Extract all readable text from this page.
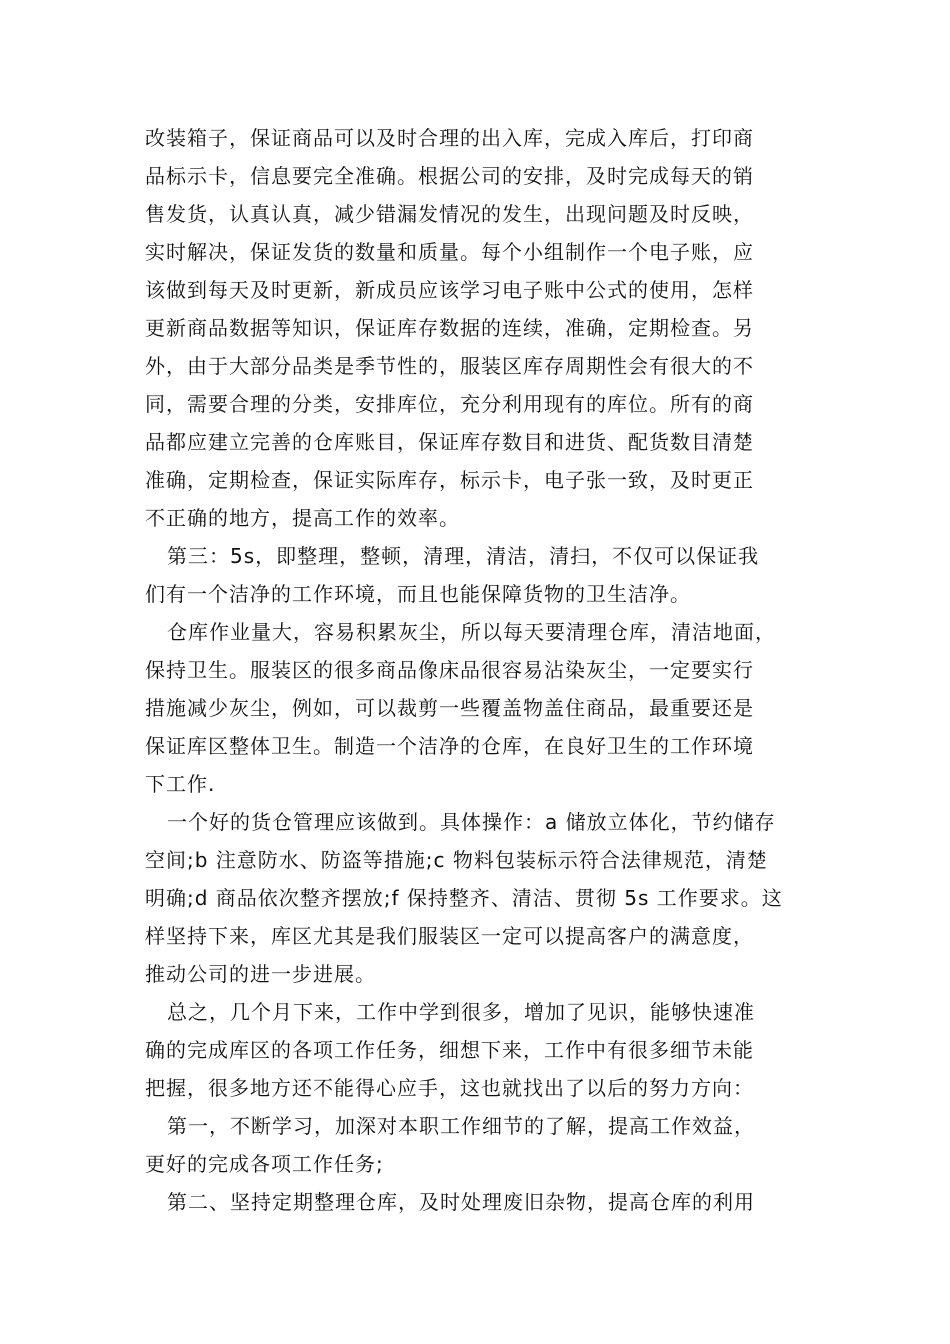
改装箱子，保证商品可以及时合理的出入库，完成入库后，打印商
品标示卡，信息要完全准确。根据公司的安排，及时完成每天的销
售发货，认真认真，减少错漏发情况的发生，出现问题及时反映，
实时解决，保证发货的数量和质量。每个小组制作一个电子账，应
该做到每天及时更新，新成员应该学习电子账中公式的使用，怎样
更新商品数据等知识，保证库存数据的连续，准确，定期检查。另
外，由于大部分品类是季节性的，服装区库存周期性会有很大的不
同，需要合理的分类，安排库位，充分利用现有的库位。所有的商
品都应建立完善的仓库账目，保证库存数目和进货、配货数目清楚
准确，定期检查，保证实际库存，标示卡，电子张一致，及时更正
不正确的地方，提高工作的效率。
第三：5s，即整理，整顿，清理，清洁，清扫，不仅可以保证我
们有一个洁净的工作环境，而且也能保障货物的卫生洁净。
仓库作业量大，容易积累灰尘，所以每天要清理仓库，清洁地面，
保持卫生。服装区的很多商品像床品很容易沾染灰尘，一定要实行
措施减少灰尘，例如，可以裁剪一些覆盖物盖住商品，最重要还是
保证库区整体卫生。制造一个洁净的仓库，在良好卫生的工作环境
下工作.
一个好的货仓管理应该做到。具体操作：a 储放立体化，节约储存
空间;b 注意防水、防盗等措施;c 物料包装标示符合法律规范，清楚
明确;d 商品依次整齐摆放;f 保持整齐、清洁、贯彻 5s 工作要求。这
样坚持下来，库区尤其是我们服装区一定可以提高客户的满意度，
推动公司的进一步进展。
总之，几个月下来，工作中学到很多，增加了见识，能够快速准
确的完成库区的各项工作任务，细想下来，工作中有很多细节未能
把握，很多地方还不能得心应手，这也就找出了以后的努力方向：
第一，不断学习，加深对本职工作细节的了解，提高工作效益，
更好的完成各项工作任务;
第二、坚持定期整理仓库，及时处理废旧杂物，提高仓库的利用
